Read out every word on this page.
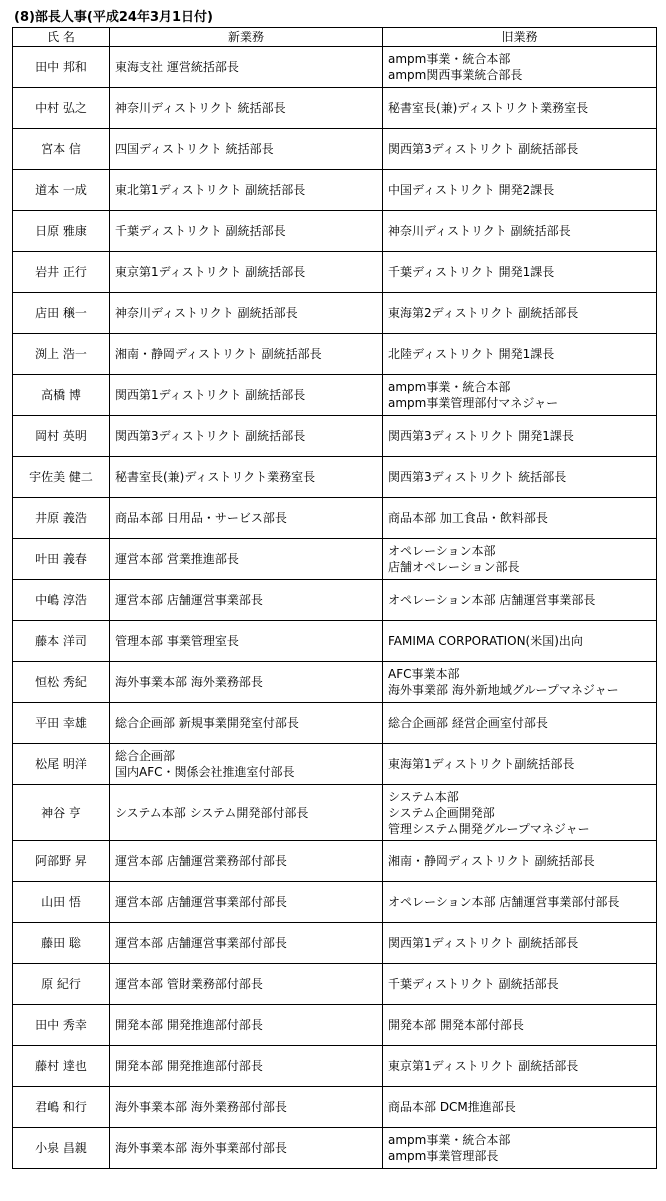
(8)部長人事(平成24年3月1日付)
氏 名	新業務	旧業務
田中 邦和	東海支社 運営統括部長	ampm事業・統合本部
ampm関西事業統合部長

中村 弘之	神奈川ディストリクト 統括部長	秘書室長(兼)ディストリクト業務室長

宮本 信	四国ディストリクト 統括部長	関西第3ディストリクト 副統括部長

道本 一成	東北第1ディストリクト 副統括部長	中国ディストリクト 開発2課長

日原 雅康	千葉ディストリクト 副統括部長	神奈川ディストリクト 副統括部長

岩井 正行	東京第1ディストリクト 副統括部長	千葉ディストリクト 開発1課長

店田 穣一	神奈川ディストリクト 副統括部長	東海第2ディストリクト 副統括部長

渕上 浩一	湘南・静岡ディストリクト 副統括部長	北陸ディストリクト 開発1課長

高橋 博	関西第1ディストリクト 副統括部長	ampm事業・統合本部
ampm事業管理部付マネジャー

岡村 英明	関西第3ディストリクト 副統括部長	関西第3ディストリクト 開発1課長

宇佐美 健二	秘書室長(兼)ディストリクト業務室長	関西第3ディストリクト 統括部長

井原 義浩	商品本部 日用品・サービス部長	商品本部 加工食品・飲料部長

叶田 義春	運営本部 営業推進部長	オペレーション本部
店舗オペレーション部長

中嶋 淳浩	運営本部 店舗運営事業部長	オペレーション本部 店舗運営事業部長

藤本 洋司	管理本部 事業管理室長	FAMIMA CORPORATION(米国)出向

恒松 秀紀	海外事業本部 海外業務部長	AFC事業本部
海外事業部 海外新地域グループマネジャー

平田 幸雄	総合企画部 新規事業開発室付部長	総合企画部 経営企画室付部長

松尾 明洋	総合企画部
国内AFC・関係会社推進室付部長	東海第1ディストリクト副統括部長

神谷 亨	システム本部 システム開発部付部長	システム本部
システム企画開発部
管理システム開発グループマネジャー

阿部野 昇	運営本部 店舗運営業務部付部長	湘南・静岡ディストリクト 副統括部長

山田 悟	運営本部 店舗運営事業部付部長	オペレーション本部 店舗運営事業部付部長

藤田 聡	運営本部 店舗運営事業部付部長	関西第1ディストリクト 副統括部長

原 紀行	運営本部 管財業務部付部長	千葉ディストリクト 副統括部長

田中 秀幸	開発本部 開発推進部付部長	開発本部 開発本部付部長

藤村 達也	開発本部 開発推進部付部長	東京第1ディストリクト 副統括部長

君嶋 和行	海外事業本部 海外業務部付部長	商品本部 DCM推進部長

小泉 昌親	海外事業本部 海外事業部付部長	ampm事業・統合本部
ampm事業管理部長
